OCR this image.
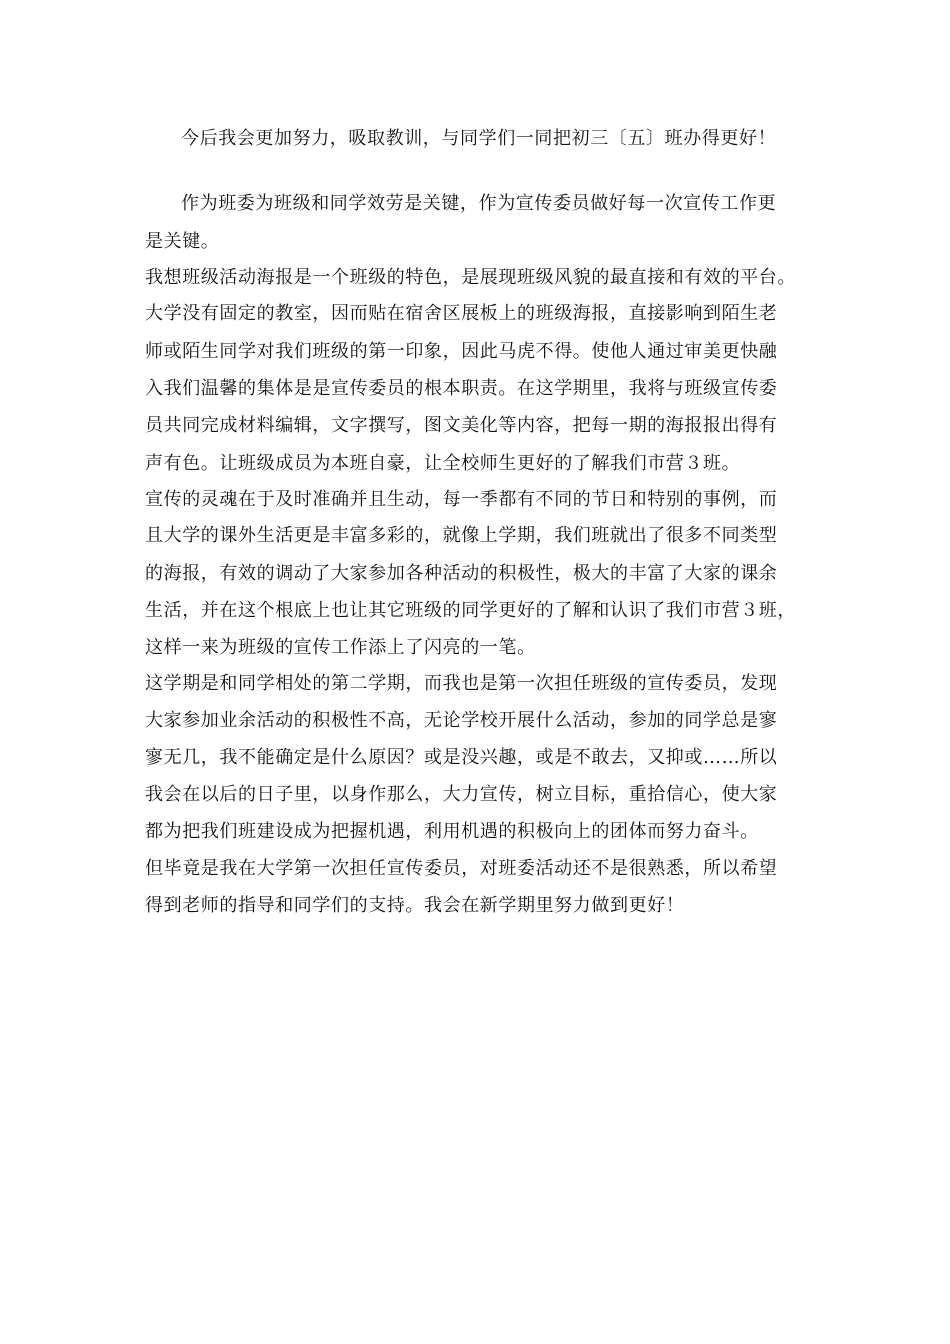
今后我会更加努力，吸取教训，与同学们一同把初三〔五〕班办得更好！
作为班委为班级和同学效劳是关键，作为宣传委员做好每一次宣传工作更
是关键。
我想班级活动海报是一个班级的特色，是展现班级风貌的最直接和有效的平台。
大学没有固定的教室，因而贴在宿舍区展板上的班级海报，直接影响到陌生老
师或陌生同学对我们班级的第一印象，因此马虎不得。使他人通过审美更快融
入我们温馨的集体是是宣传委员的根本职责。在这学期里，我将与班级宣传委
员共同完成材料编辑，文字撰写，图文美化等内容，把每一期的海报报出得有
声有色。让班级成员为本班自豪，让全校师生更好的了解我们市营３班。
宣传的灵魂在于及时准确并且生动，每一季都有不同的节日和特别的事例，而
且大学的课外生活更是丰富多彩的，就像上学期，我们班就出了很多不同类型
的海报，有效的调动了大家参加各种活动的积极性，极大的丰富了大家的课余
生活，并在这个根底上也让其它班级的同学更好的了解和认识了我们市营３班，
这样一来为班级的宣传工作添上了闪亮的一笔。
这学期是和同学相处的第二学期，而我也是第一次担任班级的宣传委员，发现
大家参加业余活动的积极性不高，无论学校开展什么活动，参加的同学总是寥
寥无几，我不能确定是什么原因？或是没兴趣，或是不敢去，又抑或……所以
我会在以后的日子里，以身作那么，大力宣传，树立目标，重拾信心，使大家
都为把我们班建设成为把握机遇，利用机遇的积极向上的团体而努力奋斗。
但毕竟是我在大学第一次担任宣传委员，对班委活动还不是很熟悉，所以希望
得到老师的指导和同学们的支持。我会在新学期里努力做到更好！
